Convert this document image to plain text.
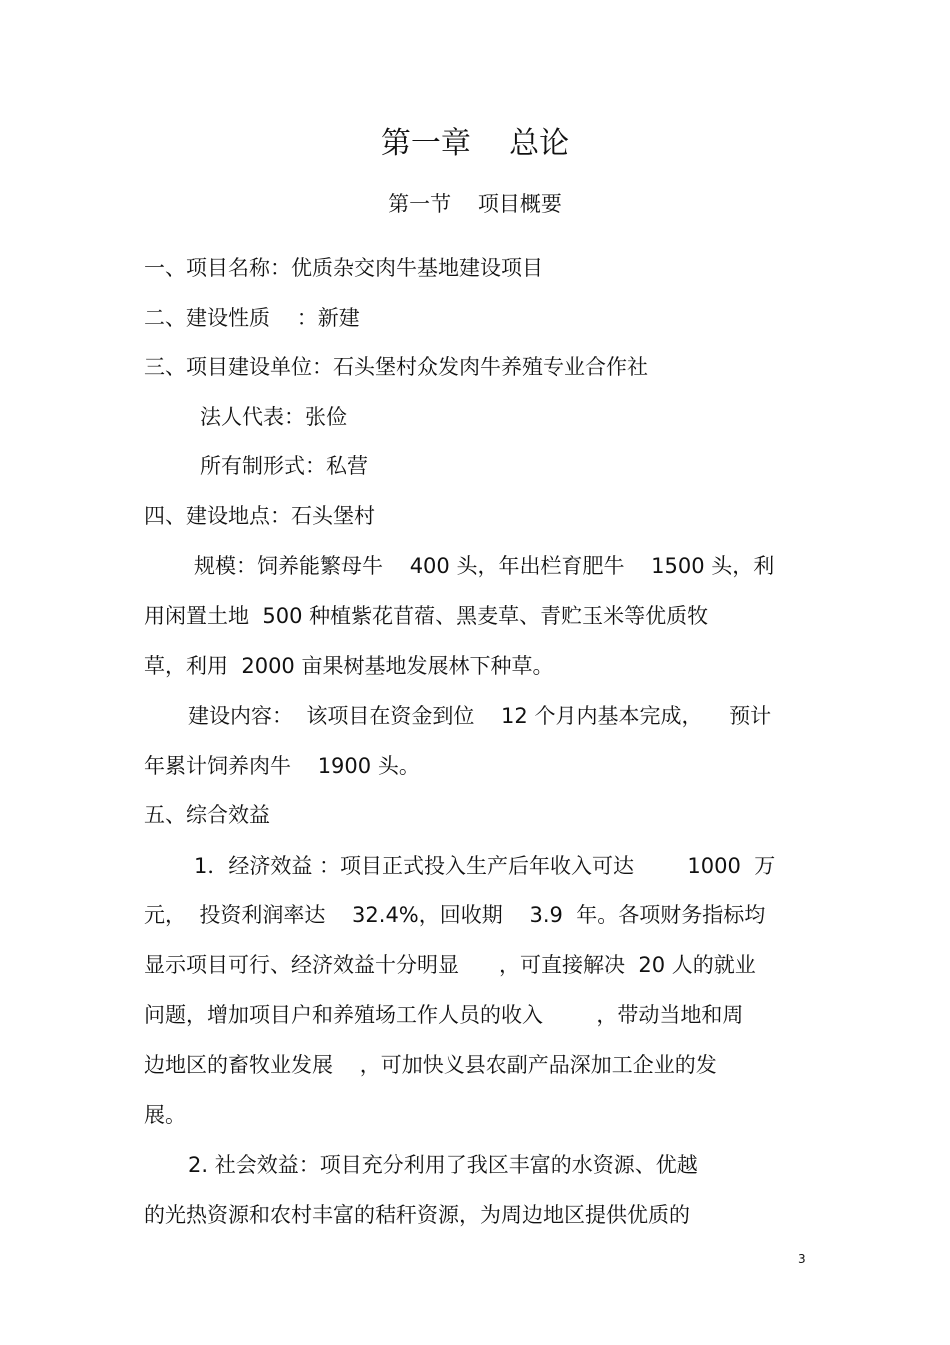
第一章    总论
第一节    项目概要
一、项目名称：优质杂交肉牛基地建设项目
二、建设性质    ：新建
三、项目建设单位：石头堡村众发肉牛养殖专业合作社
法人代表：张俭
所有制形式：私营
四、建设地点：石头堡村
规模：饲养能繁母牛    400 头，年出栏育肥牛    1500 头，利
用闲置土地  500 种植紫花苜蓿、黑麦草、青贮玉米等优质牧
草，利用  2000 亩果树基地发展林下种草。
建设内容：  该项目在资金到位    12 个月内基本完成，    预计
年累计饲养肉牛    1900 头。
五、综合效益
1．经济效益 ：项目正式投入生产后年收入可达        1000  万
元，  投资利润率达    32.4%，回收期    3.9  年。各项财务指标均
显示项目可行、经济效益十分明显      ，可直接解决  20 人的就业
问题，增加项目户和养殖场工作人员的收入        ，带动当地和周
边地区的畜牧业发展    ，可加快义县农副产品深加工企业的发
展。
2. 社会效益：项目充分利用了我区丰富的水资源、优越
的光热资源和农村丰富的秸秆资源，为周边地区提供优质的
3
